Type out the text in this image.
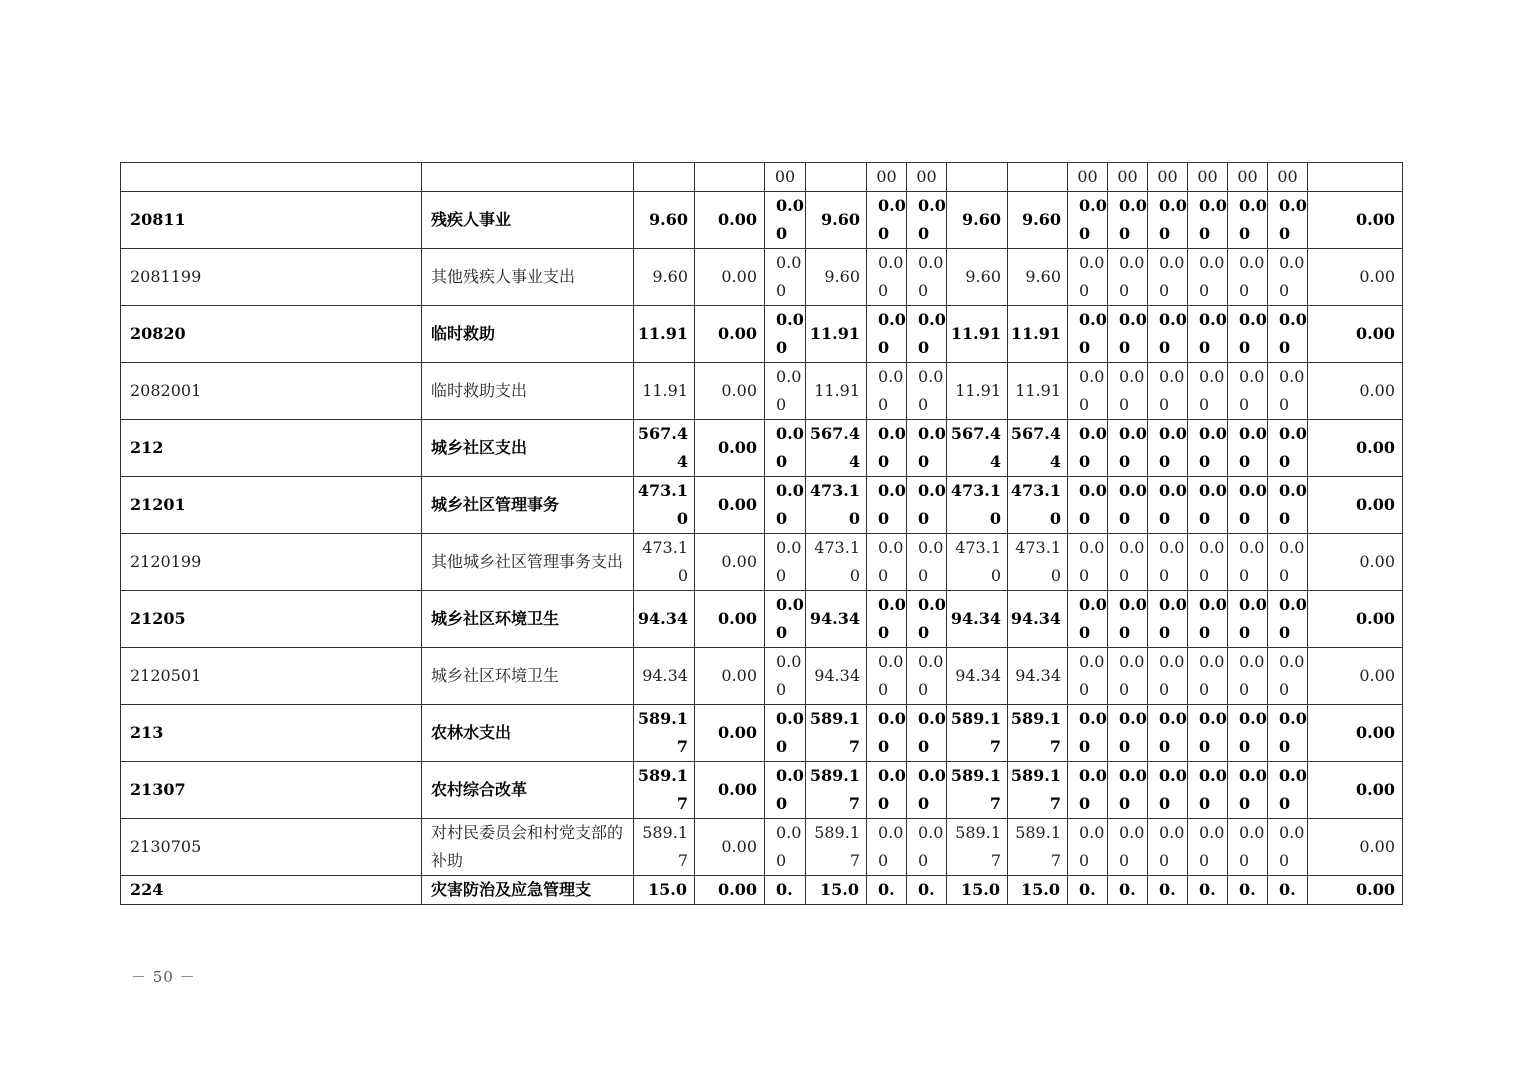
				00		00	00			00	00	00	00	00	00	
20811	残疾人事业	9.60	0.00	0.00	9.60	0.00	0.00	9.60	9.60	0.00	0.00	0.00	0.00	0.00	0.00	0.00
2081199	其他残疾人事业支出	9.60	0.00	0.00	9.60	0.00	0.00	9.60	9.60	0.00	0.00	0.00	0.00	0.00	0.00	0.00
20820	临时救助	11.91	0.00	0.00	11.91	0.00	0.00	11.91	11.91	0.00	0.00	0.00	0.00	0.00	0.00	0.00
2082001	临时救助支出	11.91	0.00	0.00	11.91	0.00	0.00	11.91	11.91	0.00	0.00	0.00	0.00	0.00	0.00	0.00
212	城乡社区支出	567.44	0.00	0.00	567.44	0.00	0.00	567.44	567.44	0.00	0.00	0.00	0.00	0.00	0.00	0.00
21201	城乡社区管理事务	473.10	0.00	0.00	473.10	0.00	0.00	473.10	473.10	0.00	0.00	0.00	0.00	0.00	0.00	0.00
2120199	其他城乡社区管理事务支出	473.10	0.00	0.00	473.10	0.00	0.00	473.10	473.10	0.00	0.00	0.00	0.00	0.00	0.00	0.00
21205	城乡社区环境卫生	94.34	0.00	0.00	94.34	0.00	0.00	94.34	94.34	0.00	0.00	0.00	0.00	0.00	0.00	0.00
2120501	城乡社区环境卫生	94.34	0.00	0.00	94.34	0.00	0.00	94.34	94.34	0.00	0.00	0.00	0.00	0.00	0.00	0.00
213	农林水支出	589.17	0.00	0.00	589.17	0.00	0.00	589.17	589.17	0.00	0.00	0.00	0.00	0.00	0.00	0.00
21307	农村综合改革	589.17	0.00	0.00	589.17	0.00	0.00	589.17	589.17	0.00	0.00	0.00	0.00	0.00	0.00	0.00
2130705	对村民委员会和村党支部的补助	589.17	0.00	0.00	589.17	0.00	0.00	589.17	589.17	0.00	0.00	0.00	0.00	0.00	0.00	0.00
224	灾害防治及应急管理支	15.0	0.00	0.	15.0	0.	0.	15.0	15.0	0.	0.	0.	0.	0.	0.	0.00
－ 50 －
